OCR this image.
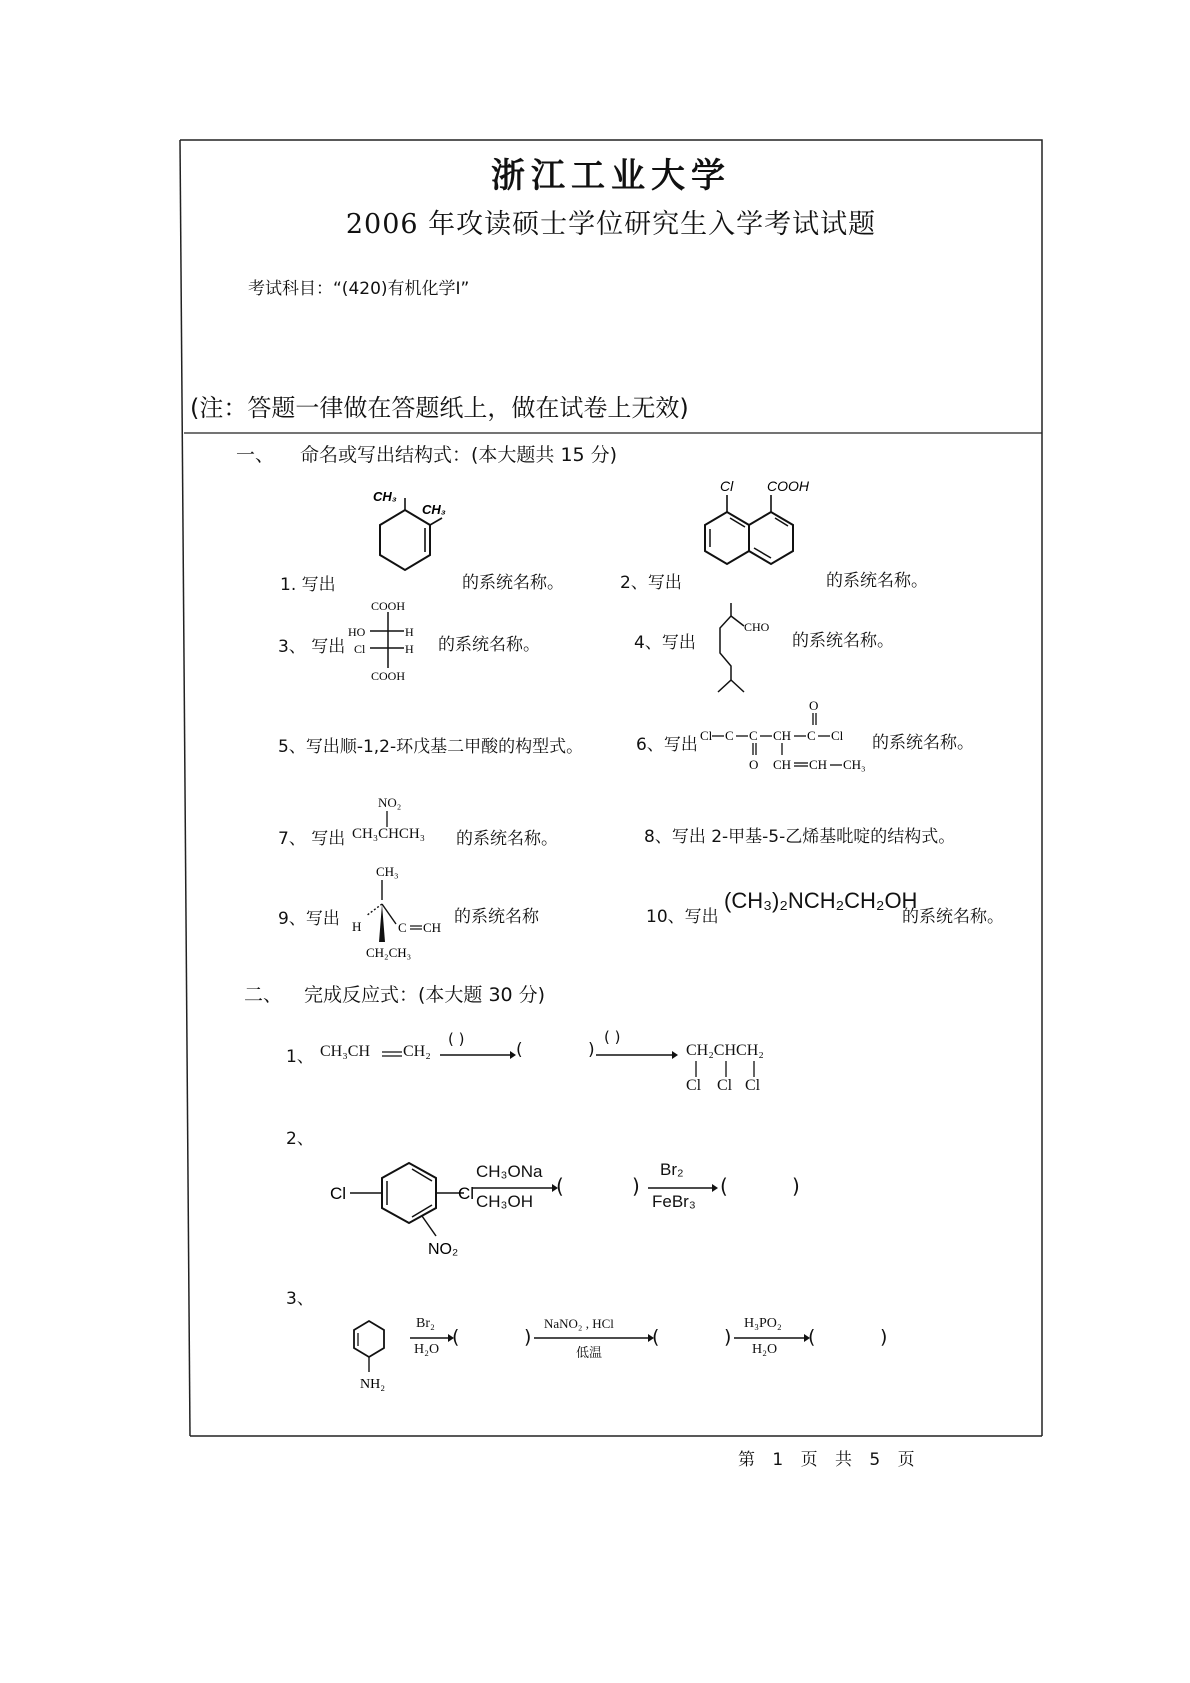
浙江工业大学
2006 年攻读硕士学位研究生入学考试试题
考试科目：“(420)有机化学Ⅰ”
(注：答题一律做在答题纸上，做在试卷上无效)
一、 命名或写出结构式：(本大题共 15 分)
1. 写出
CH₃
CH₃
的系统名称。	2、写出
Cl COOH
的系统名称。
3、 写出
COOH
HO	H
Cl	H
COOH
的系统名称。	4、写出
CHO
的系统名称。
5、写出顺-1,2-环戊基二甲酸的构型式。	6、写出 Cl C C CH C Cl
O
O CH CH CH₃
的系统名称。
7、 写出 CH₃CHCH₃
NO₂
的系统名称。	8、写出 2-甲基-5-乙烯基吡啶的结构式。
9、写出
CH₃
H	C CH
CH₂CH₃
的系统名称	10、写出
(CH₃)₂NCH₂CH₂OH
的系统名称。
二、 完成反应式：(本大题 30 分)
1、 CH₃CH CH₂
( )
(	)
( )
CH₂CHCH₂
Cl Cl Cl
2、
Cl	Cl
NO₂
CH₃ONa
CH₃OH
(	)
Br₂
FeBr₃
(	)
3、
NH₂
Br₂
H₂O
(	)
NaNO₂ , HCl
低温
(	)
H₃PO₂
H₂O
(	)
第 1 页 共 5 页
